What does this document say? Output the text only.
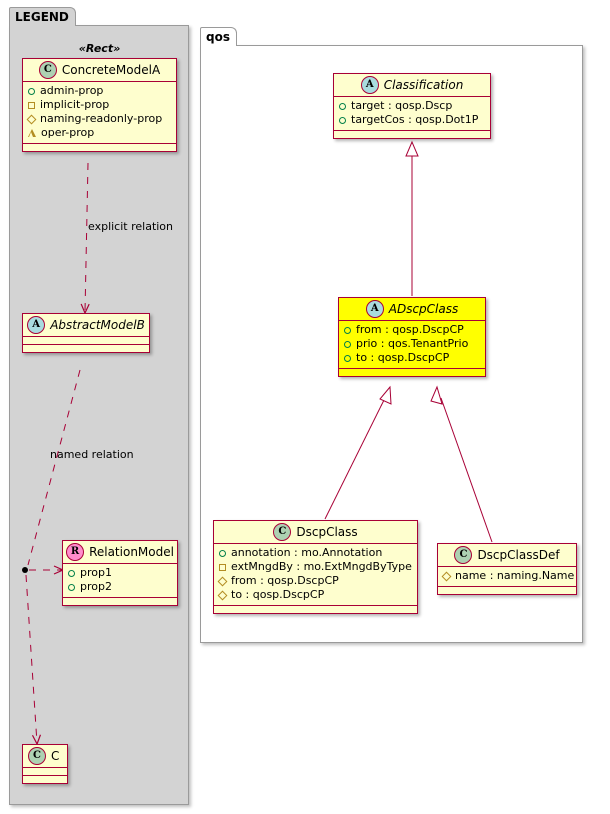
LEGEND
qos
«Rect»
C ConcreteModelA
admin-prop
implicit-prop
naming-readonly-prop
oper-prop
explicit relation
A AbstractModelB
named relation
R RelationModel
prop1
prop2
C C
A Classification
target : qosp.Dscp
targetCos : qosp.Dot1P
A ADscpClass
from : qosp.DscpCP
prio : qos.TenantPrio
to : qosp.DscpCP
C DscpClass
annotation : mo.Annotation
extMngdBy : mo.ExtMngdByType
from : qosp.DscpCP
to : qosp.DscpCP
C DscpClassDef
name : naming.Name
